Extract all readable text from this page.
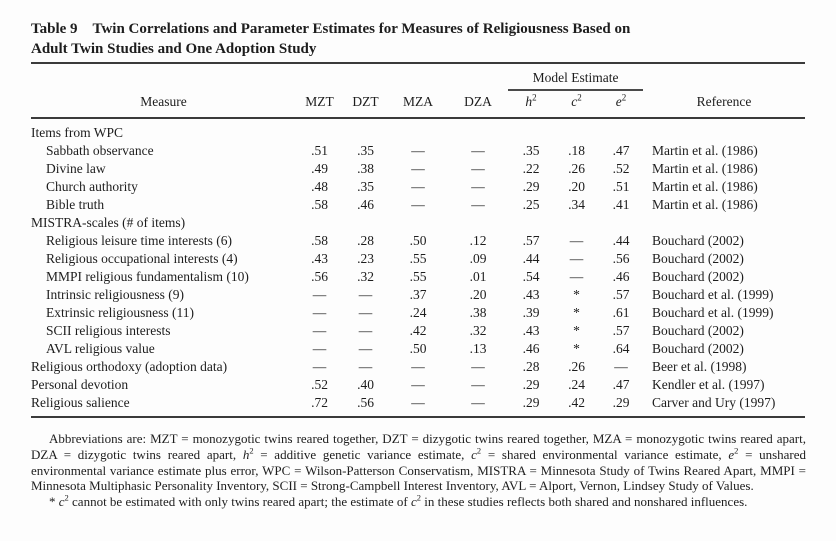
Table 9 Twin Correlations and Parameter Estimates for Measures of Religiousness Based on Adult Twin Studies and One Adoption Study

					Model Estimate			

Measure	MZT	DZT	MZA	DZA	$h^2$	$c^2$	$e^2$	Reference
Items from WPC								
Sabbath observance	.51	.35	—	—	.35	.18	.47	Martin et al. (1986)
Divine law	.49	.38	—	—	.22	.26	.52	Martin et al. (1986)
Church authority	.48	.35	—	—	.29	.20	.51	Martin et al. (1986)
Bible truth	.58	.46	—	—	.25	.34	.41	Martin et al. (1986)
MISTRA-scales (# of items)								
Religious leisure time interests (6)	.58	.28	.50	.12	.57	—	.44	Bouchard (2002)
Religious occupational interests (4)	.43	.23	.55	.09	.44	—	.56	Bouchard (2002)
MMPI religious fundamentalism (10)	.56	.32	.55	.01	.54	—	.46	Bouchard (2002)
Intrinsic religiousness (9)	—	—	.37	.20	.43	*	.57	Bouchard et al. (1999)
Extrinsic religiousness (11)	—	—	.24	.38	.39	*	.61	Bouchard et al. (1999)
SCII religious interests	—	—	.42	.32	.43	*	.57	Bouchard (2002)
AVL religious value	—	—	.50	.13	.46	*	.64	Bouchard (2002)
Religious orthodoxy (adoption data)	—	—	—	—	.28	.26	—	Beer et al. (1998)
Personal devotion	.52	.40	—	—	.29	.24	.47	Kendler et al. (1997)
Religious salience	.72	.56	—	—	.29	.42	.29	Carver and Ury (1997)

Abbreviations are: MZT = monozygotic twins reared together, DZT = dizygotic twins reared together, MZA = monozygotic twins reared apart, DZA = dizygotic twins reared apart, $h^2$ = additive genetic variance estimate, $c^2$ = shared environmental variance estimate, $e^2$ = unshared environmental variance estimate plus error, WPC = Wilson-Patterson Conservatism, MISTRA = Minnesota Study of Twins Reared Apart, MMPI = Minnesota Multiphasic Personality Inventory, SCII = Strong-Campbell Interest Inventory, AVL = Alport, Vernon, Lindsey Study of Values.

* $c^2$ cannot be estimated with only twins reared apart; the estimate of $c^2$ in these studies reflects both shared and nonshared influences.
